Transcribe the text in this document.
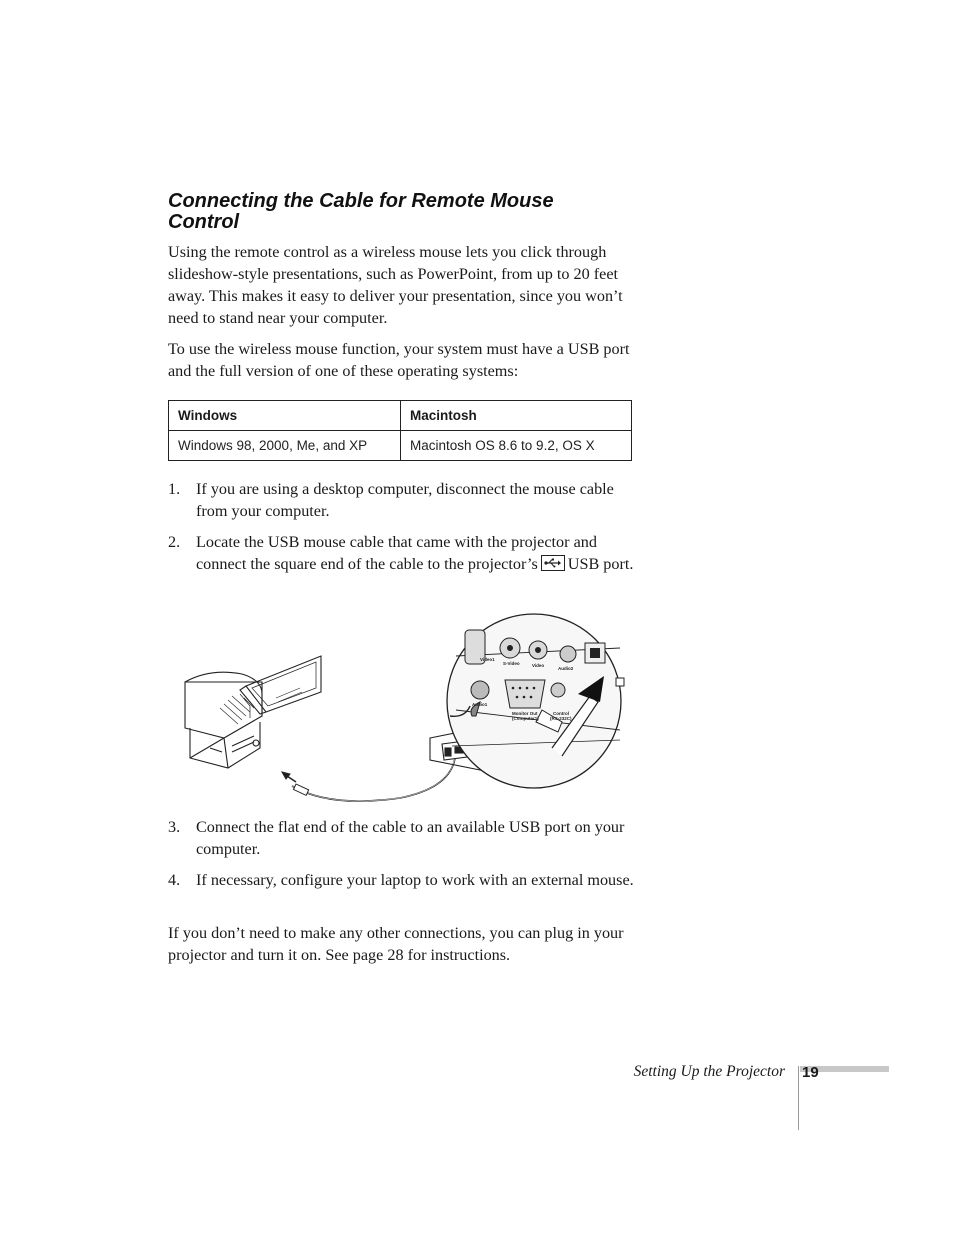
Connecting the Cable for Remote Mouse Control

Using the remote control as a wireless mouse lets you click through slideshow-style presentations, such as PowerPoint, from up to 20 feet away. This makes it easy to deliver your presentation, since you won’t need to stand near your computer.

To use the wireless mouse function, your system must have a USB port and the full version of one of these operating systems:

Windows	Macintosh
Windows 98, 2000, Me, and XP	Macintosh OS 8.6 to 9.2, OS X
1. If you are using a desktop computer, disconnect the mouse cable from your computer.
2. Locate the USB mouse cable that came with the projector and connect the square end of the cable to the projector’s USB port.
Video1
S-Video	Video
Audio2
Audio1
Monitor Out
(Computer1)
Control
(RS-232C)
3. Connect the flat end of the cable to an available USB port on your computer.
4. If necessary, configure your laptop to work with an external mouse.

If you don’t need to make any other connections, you can plug in your projector and turn it on. See page 28 for instructions.

Setting Up the Projector 19
